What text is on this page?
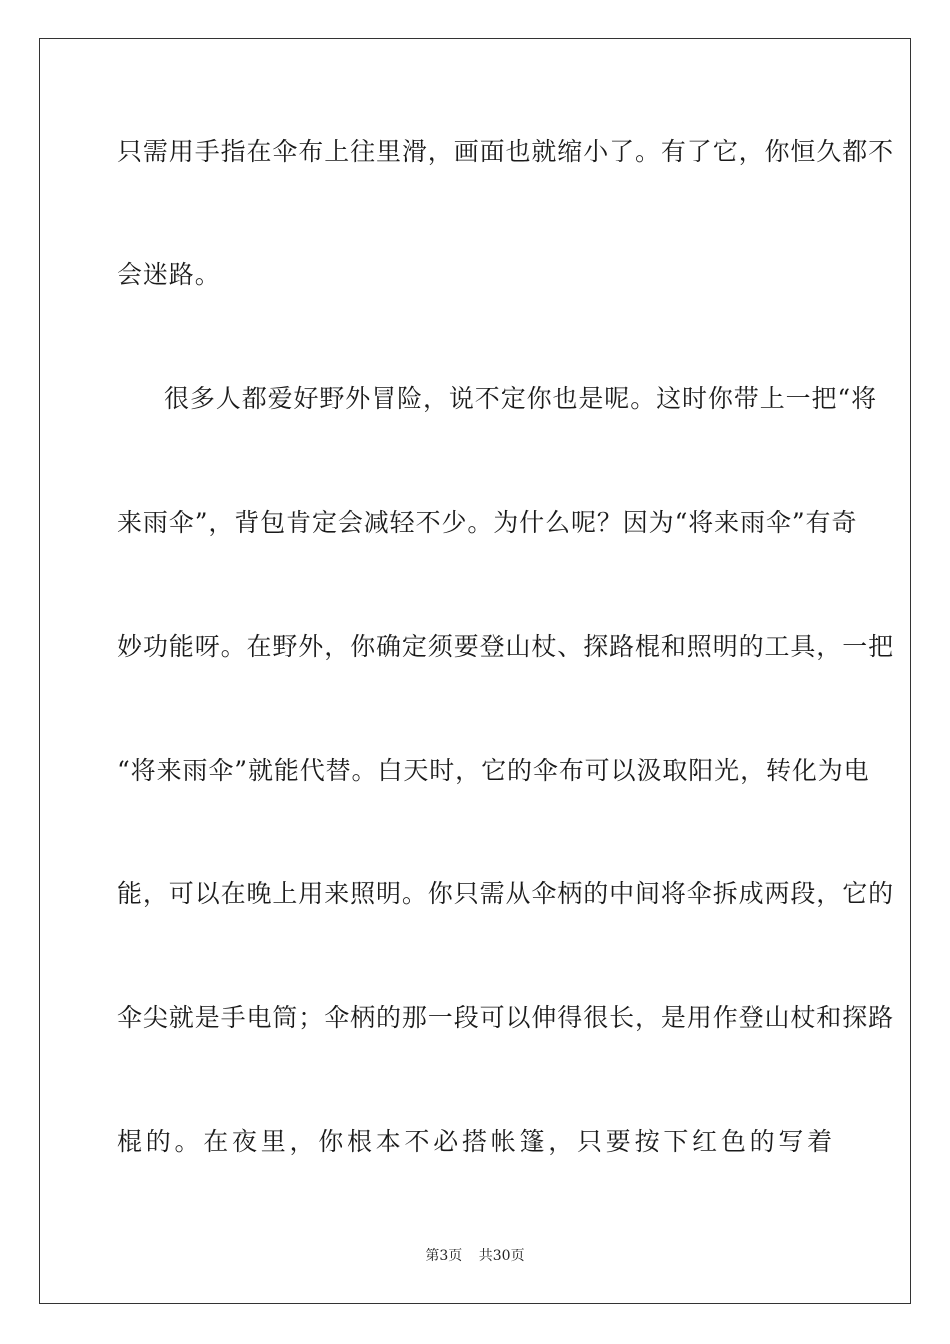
只需用手指在伞布上往里滑，画面也就缩小了。有了它，你恒久都不
会迷路。
很多人都爱好野外冒险，说不定你也是呢。这时你带上一把“将
来雨伞”，背包肯定会减轻不少。为什么呢？因为“将来雨伞”有奇
妙功能呀。在野外，你确定须要登山杖、探路棍和照明的工具，一把
“将来雨伞”就能代替。白天时，它的伞布可以汲取阳光，转化为电
能，可以在晚上用来照明。你只需从伞柄的中间将伞拆成两段，它的
伞尖就是手电筒；伞柄的那一段可以伸得很长，是用作登山杖和探路
棍的。在夜里，你根本不必搭帐篷，只要按下红色的写着
第3页 共30页
